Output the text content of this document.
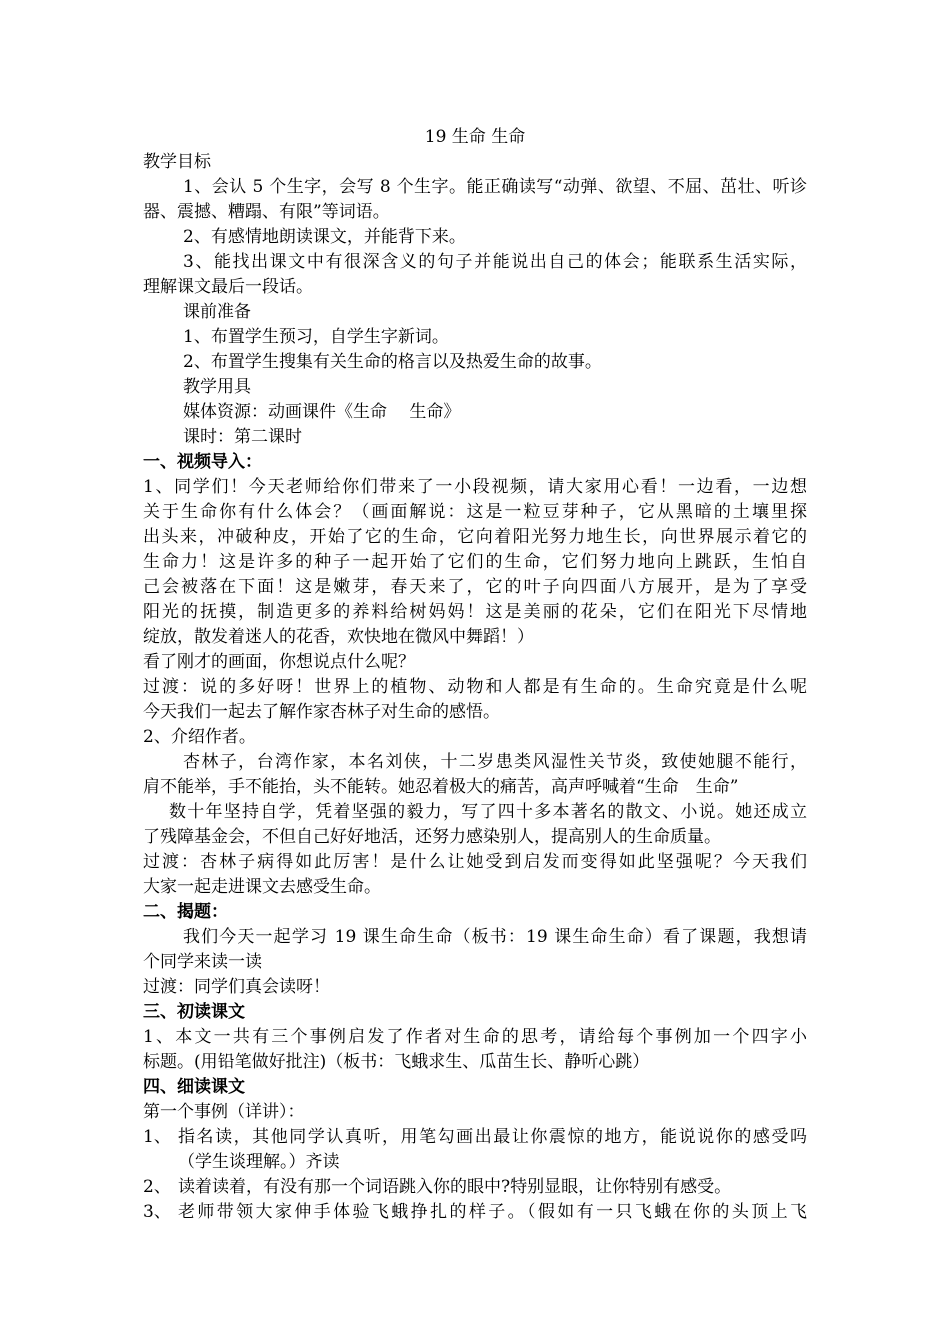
19 生命 生命
教学目标
1、会认 5 个生字，会写 8 个生字。能正确读写“动弹、欲望、不屈、茁壮、听诊
器、震撼、糟蹋、有限”等词语。
2、有感情地朗读课文，并能背下来。
3、能找出课文中有很深含义的句子并能说出自己的体会；能联系生活实际，
理解课文最后一段话。
课前准备
1、布置学生预习，自学生字新词。
2、布置学生搜集有关生命的格言以及热爱生命的故事。
教学用具
媒体资源：动画课件《生命　 生命》
课时：第二课时
一、视频导入：
1、同学们！今天老师给你们带来了一小段视频，请大家用心看！一边看，一边想
关于生命你有什么体会？（画面解说：这是一粒豆芽种子，它从黑暗的土壤里探
出头来，冲破种皮，开始了它的生命，它向着阳光努力地生长，向世界展示着它的
生命力！这是许多的种子一起开始了它们的生命，它们努力地向上跳跃，生怕自
己会被落在下面！这是嫩芽，春天来了，它的叶子向四面八方展开，是为了享受
阳光的抚摸，制造更多的养料给树妈妈！这是美丽的花朵，它们在阳光下尽情地
绽放，散发着迷人的花香，欢快地在微风中舞蹈！）
看了刚才的画面，你想说点什么呢？
过渡：说的多好呀！世界上的植物、动物和人都是有生命的。生命究竟是什么呢
今天我们一起去了解作家杏林子对生命的感悟。
2、介绍作者。
杏林子，台湾作家，本名刘侠，十二岁患类风湿性关节炎，致使她腿不能行，
肩不能举，手不能抬，头不能转。她忍着极大的痛苦，高声呼喊着“生命　生命”
数十年坚持自学，凭着坚强的毅力，写了四十多本著名的散文、小说。她还成立
了残障基金会，不但自己好好地活，还努力感染别人，提高别人的生命质量。
过渡：杏林子病得如此厉害！是什么让她受到启发而变得如此坚强呢？今天我们
大家一起走进课文去感受生命。
二、揭题：
我们今天一起学习 19 课生命生命（板书：19 课生命生命）看了课题，我想请
个同学来读一读
过渡：同学们真会读呀！
三、初读课文
1、本文一共有三个事例启发了作者对生命的思考，请给每个事例加一个四字小
标题。(用铅笔做好批注)（板书：飞蛾求生、瓜苗生长、静听心跳）
四、细读课文
第一个事例（详讲）：
1、 指名读，其他同学认真听，用笔勾画出最让你震惊的地方，能说说你的感受吗
（学生谈理解。）齐读
2、 读着读着，有没有那一个词语跳入你的眼中?特别显眼，让你特别有感受。
3、 老师带领大家伸手体验飞蛾挣扎的样子。（假如有一只飞蛾在你的头顶上飞
